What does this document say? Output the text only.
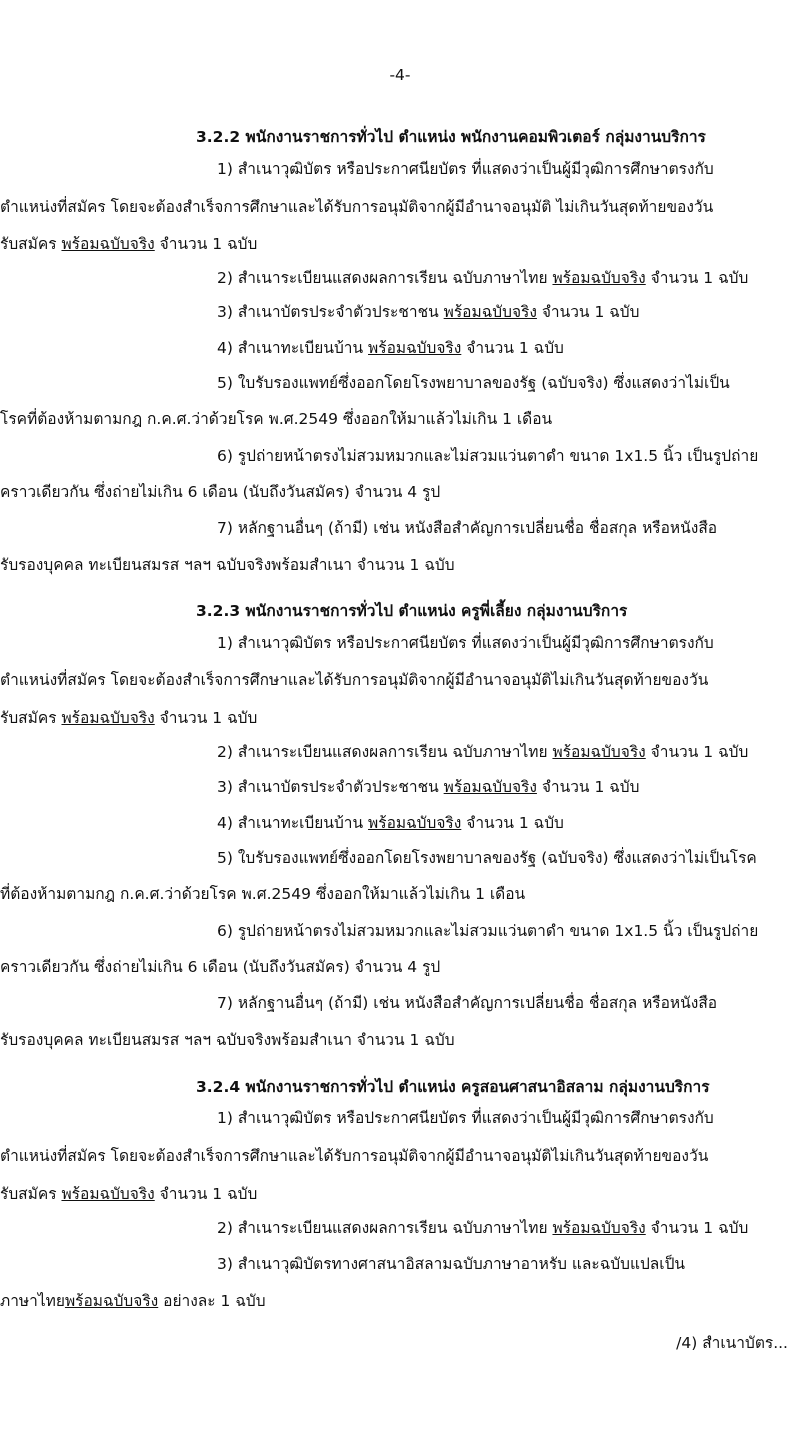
-4-
3.2.2 พนักงานราชการทั่วไป ตำแหน่ง พนักงานคอมพิวเตอร์ กลุ่มงานบริการ
1) สำเนาวุฒิบัตร หรือประกาศนียบัตร ที่แสดงว่าเป็นผู้มีวุฒิการศึกษาตรงกับ
ตำแหน่งที่สมัคร โดยจะต้องสำเร็จการศึกษาและได้รับการอนุมัติจากผู้มีอำนาจอนุมัติ ไม่เกินวันสุดท้ายของวัน
รับสมัคร พร้อมฉบับจริง จำนวน 1 ฉบับ
2) สำเนาระเบียนแสดงผลการเรียน ฉบับภาษาไทย พร้อมฉบับจริง จำนวน 1 ฉบับ
3) สำเนาบัตรประจำตัวประชาชน พร้อมฉบับจริง จำนวน 1 ฉบับ
4) สำเนาทะเบียนบ้าน พร้อมฉบับจริง จำนวน 1 ฉบับ
5) ใบรับรองแพทย์ซึ่งออกโดยโรงพยาบาลของรัฐ (ฉบับจริง) ซึ่งแสดงว่าไม่เป็น
โรคที่ต้องห้ามตามกฎ ก.ค.ศ.ว่าด้วยโรค พ.ศ.2549 ซึ่งออกให้มาแล้วไม่เกิน 1 เดือน
6) รูปถ่ายหน้าตรงไม่สวมหมวกและไม่สวมแว่นตาดำ ขนาด 1x1.5 นิ้ว เป็นรูปถ่าย
คราวเดียวกัน ซึ่งถ่ายไม่เกิน 6 เดือน (นับถึงวันสมัคร) จำนวน 4 รูป
7) หลักฐานอื่นๆ (ถ้ามี) เช่น หนังสือสำคัญการเปลี่ยนชื่อ ชื่อสกุล หรือหนังสือ
รับรองบุคคล ทะเบียนสมรส ฯลฯ ฉบับจริงพร้อมสำเนา จำนวน 1 ฉบับ
3.2.3 พนักงานราชการทั่วไป ตำแหน่ง ครูพี่เลี้ยง กลุ่มงานบริการ
1) สำเนาวุฒิบัตร หรือประกาศนียบัตร ที่แสดงว่าเป็นผู้มีวุฒิการศึกษาตรงกับ
ตำแหน่งที่สมัคร โดยจะต้องสำเร็จการศึกษาและได้รับการอนุมัติจากผู้มีอำนาจอนุมัติไม่เกินวันสุดท้ายของวัน
รับสมัคร พร้อมฉบับจริง จำนวน 1 ฉบับ
2) สำเนาระเบียนแสดงผลการเรียน ฉบับภาษาไทย พร้อมฉบับจริง จำนวน 1 ฉบับ
3) สำเนาบัตรประจำตัวประชาชน พร้อมฉบับจริง จำนวน 1 ฉบับ
4) สำเนาทะเบียนบ้าน พร้อมฉบับจริง จำนวน 1 ฉบับ
5) ใบรับรองแพทย์ซึ่งออกโดยโรงพยาบาลของรัฐ (ฉบับจริง) ซึ่งแสดงว่าไม่เป็นโรค
ที่ต้องห้ามตามกฎ ก.ค.ศ.ว่าด้วยโรค พ.ศ.2549 ซึ่งออกให้มาแล้วไม่เกิน 1 เดือน
6) รูปถ่ายหน้าตรงไม่สวมหมวกและไม่สวมแว่นตาดำ ขนาด 1x1.5 นิ้ว เป็นรูปถ่าย
คราวเดียวกัน ซึ่งถ่ายไม่เกิน 6 เดือน (นับถึงวันสมัคร) จำนวน 4 รูป
7) หลักฐานอื่นๆ (ถ้ามี) เช่น หนังสือสำคัญการเปลี่ยนชื่อ ชื่อสกุล หรือหนังสือ
รับรองบุคคล ทะเบียนสมรส ฯลฯ ฉบับจริงพร้อมสำเนา จำนวน 1 ฉบับ
3.2.4 พนักงานราชการทั่วไป ตำแหน่ง ครูสอนศาสนาอิสลาม กลุ่มงานบริการ
1) สำเนาวุฒิบัตร หรือประกาศนียบัตร ที่แสดงว่าเป็นผู้มีวุฒิการศึกษาตรงกับ
ตำแหน่งที่สมัคร โดยจะต้องสำเร็จการศึกษาและได้รับการอนุมัติจากผู้มีอำนาจอนุมัติไม่เกินวันสุดท้ายของวัน
รับสมัคร พร้อมฉบับจริง จำนวน 1 ฉบับ
2) สำเนาระเบียนแสดงผลการเรียน ฉบับภาษาไทย พร้อมฉบับจริง จำนวน 1 ฉบับ
3) สำเนาวุฒิบัตรทางศาสนาอิสลามฉบับภาษาอาหรับ และฉบับแปลเป็น
ภาษาไทยพร้อมฉบับจริง อย่างละ 1 ฉบับ
/4) สำเนาบัตร...
